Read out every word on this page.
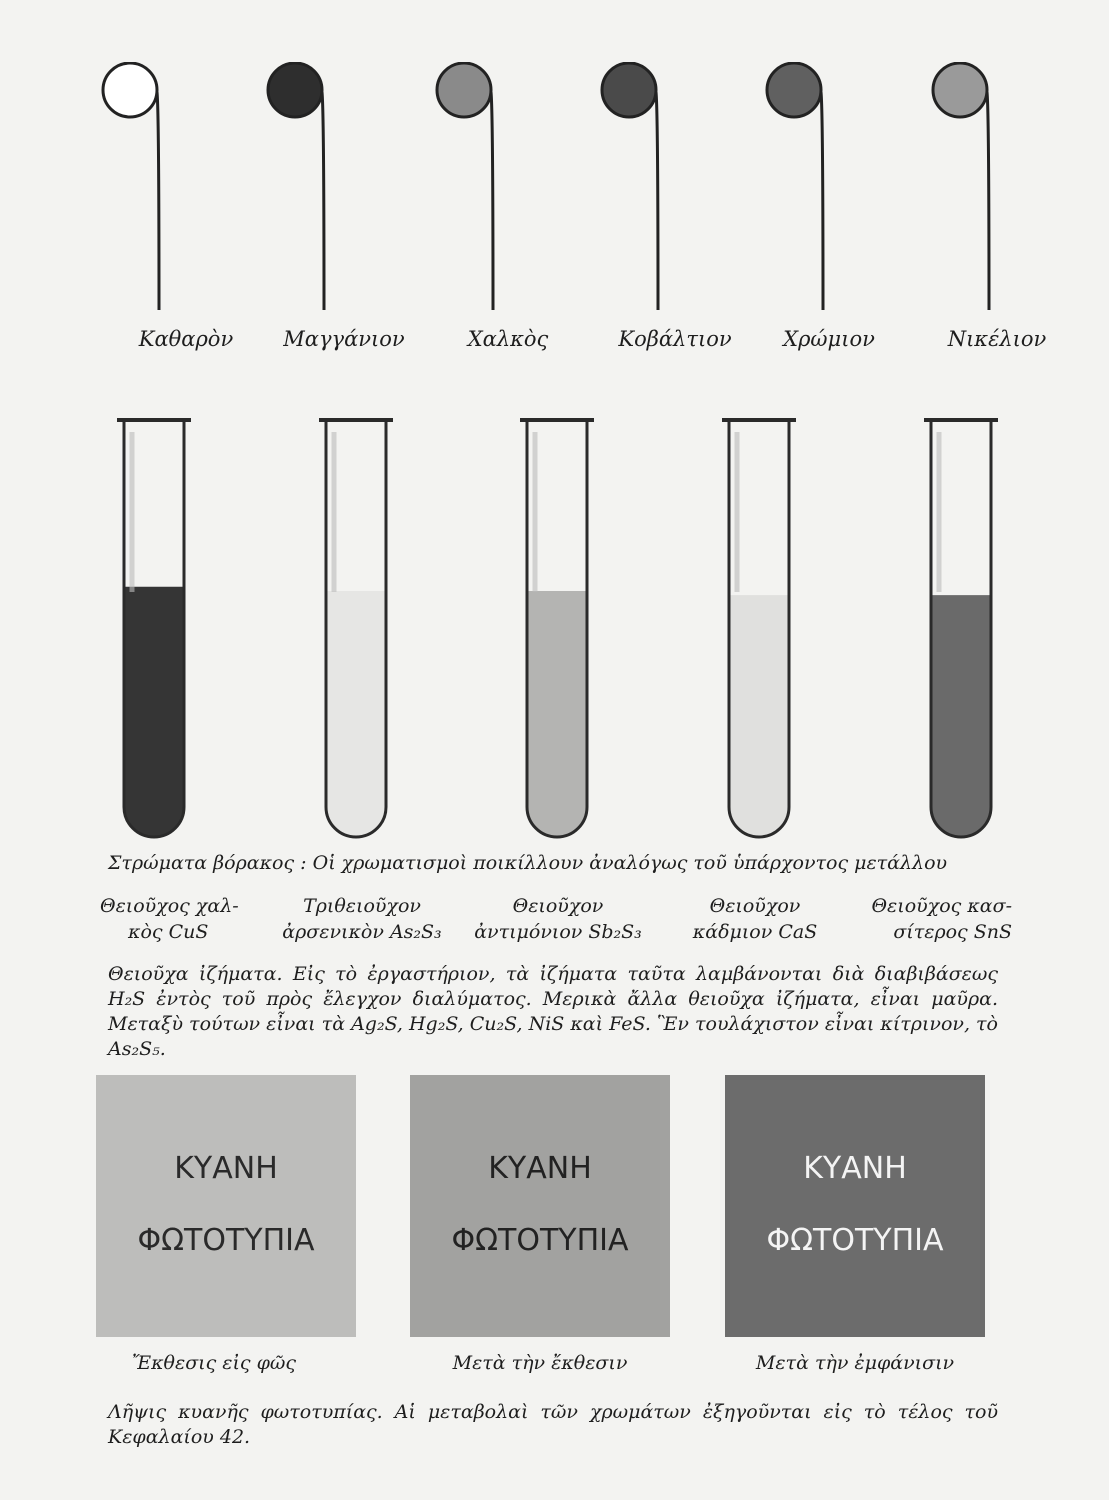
Καθαρὸν	Μαγγάνιον	Χαλκὸς	Κοβάλτιον	Χρώμιον	Νικέλιον
Στρώματα βόρακος : Οἱ χρωματισμοὶ ποικίλλουν ἀναλόγως τοῦ ὑπάρχοντος μετάλλου
Θειοῦχος χαλ-
κὸς CuS
Τριθειοῦχον
ἀρσενικὸν As₂S₃
Θειοῦχον
ἀντιμόνιον Sb₂S₃
Θειοῦχον
κάδμιον CaS
Θειοῦχος κασ-
σίτερος SnS
Θειοῦχα ἰζήματα. Εἰς τὸ ἐργαστήριον, τὰ ἰζήματα ταῦτα λαμβάνονται διὰ διαβιβάσεως H₂S ἐντὸς τοῦ πρὸς ἔλεγχον διαλύματος. Μερικὰ ἄλλα θειοῦχα ἰζήματα, εἶναι μαῦρα. Μεταξὺ τούτων εἶναι τὰ Ag₂S, Hg₂S, Cu₂S, NiS καὶ FeS. Ἓν τουλάχιστον εἶναι κίτρινον, τὸ As₂S₅.
ΚΥΑΝΗ
ΦΩΤΟΤΥΠΙΑ
ΚΥΑΝΗ
ΦΩΤΟΤΥΠΙΑ
ΚΥΑΝΗ
ΦΩΤΟΤΥΠΙΑ
Ἔκθεσις εἰς φῶς	Μετὰ τὴν ἔκθεσιν	Μετὰ τὴν ἐμφάνισιν
Λῆψις κυανῆς φωτοτυπίας. Αἱ μεταβολαὶ τῶν χρωμάτων ἐξηγοῦνται εἰς τὸ τέλος τοῦ Κεφαλαίου 42.
